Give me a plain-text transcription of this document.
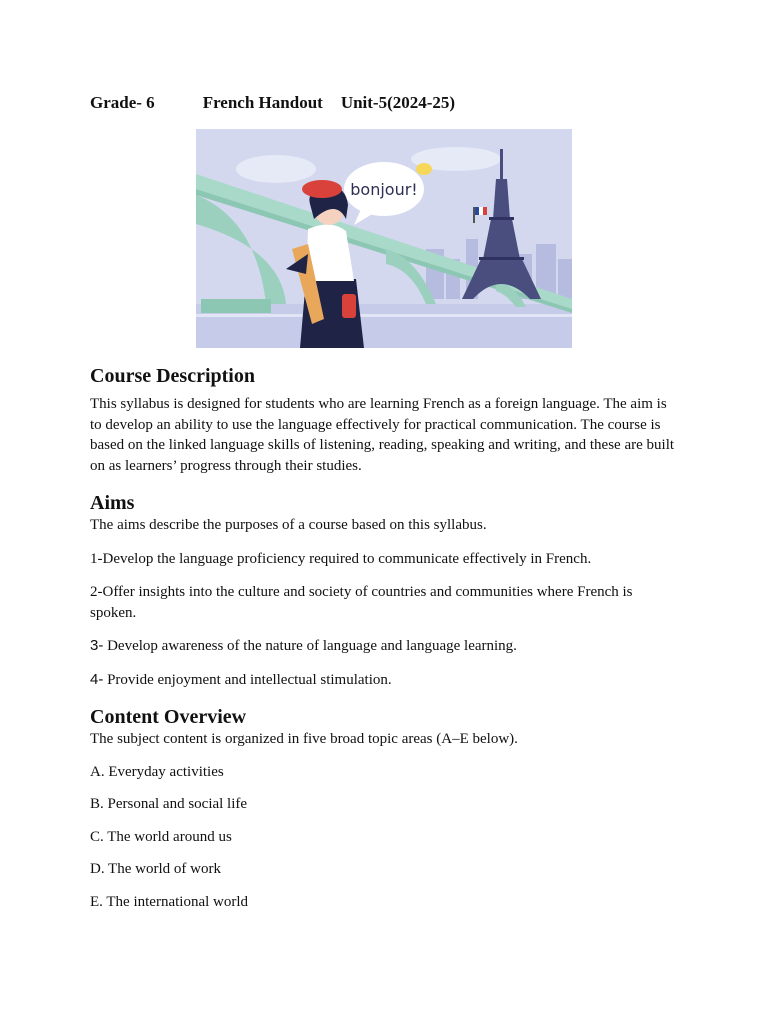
Grade- 6	French Handout Unit-5(2024-25)
bonjour!
Course Description

This syllabus is designed for students who are learning French as a foreign language. The aim is to develop an ability to use the language effectively for practical communication. The course is based on the linked language skills of listening, reading, speaking and writing, and these are built on as learners’ progress through their studies.

Aims

The aims describe the purposes of a course based on this syllabus.

1-Develop the language proficiency required to communicate effectively in French.

2-Offer insights into the culture and society of countries and communities where French is spoken.

3- Develop awareness of the nature of language and language learning.

4- Provide enjoyment and intellectual stimulation.

Content Overview

The subject content is organized in five broad topic areas (A–E below).

A. Everyday activities

B. Personal and social life

C. The world around us

D. The world of work

E. The international world
